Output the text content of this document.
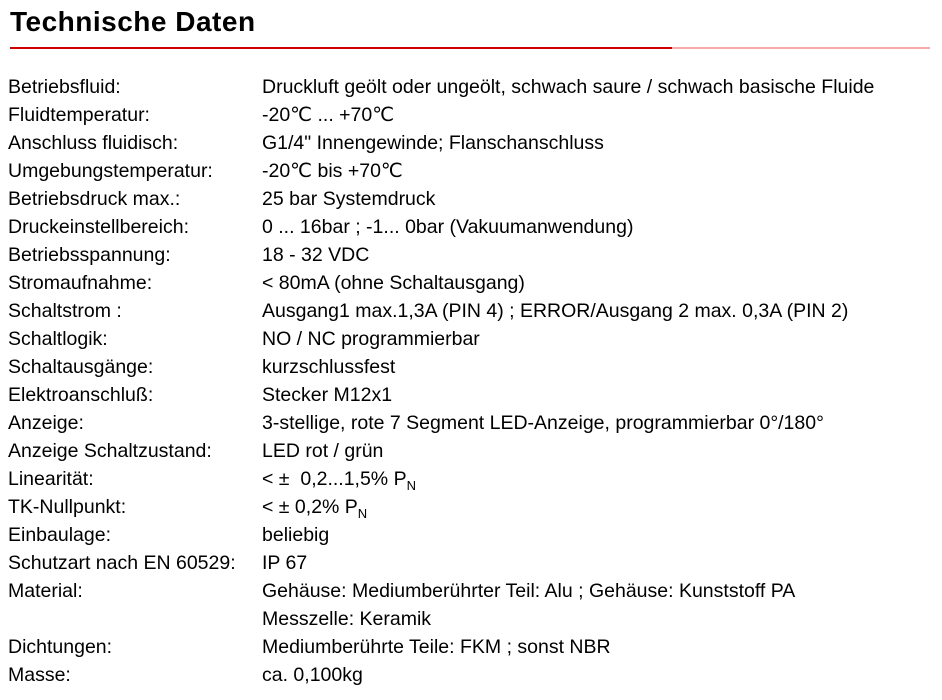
Technische Daten
Betriebsfluid:	Druckluft geölt oder ungeölt, schwach saure / schwach basische Fluide
Fluidtemperatur:	-20℃ ... +70℃
Anschluss fluidisch:	G1/4" Innengewinde; Flanschanschluss
Umgebungstemperatur:	-20℃ bis +70℃
Betriebsdruck max.:	25 bar Systemdruck
Druckeinstellbereich:	0 ... 16bar ; -1... 0bar (Vakuumanwendung)
Betriebsspannung:	18 - 32 VDC
Stromaufnahme:	< 80mA (ohne Schaltausgang)
Schaltstrom :	Ausgang1 max.1,3A (PIN 4) ; ERROR/Ausgang 2 max. 0,3A (PIN 2)
Schaltlogik:	NO / NC programmierbar
Schaltausgänge:	kurzschlussfest
Elektroanschluß:	Stecker M12x1
Anzeige:	3-stellige, rote 7 Segment LED-Anzeige, programmierbar 0°/180°
Anzeige Schaltzustand:	LED rot / grün
Linearität:	< ±  0,2...1,5% $P_N$
TK-Nullpunkt:	< ± 0,2% $P_N$
Einbaulage:	beliebig
Schutzart nach EN 60529:	IP 67
Material:	Gehäuse: Mediumberührter Teil: Alu ; Gehäuse: Kunststoff PA
Messzelle: Keramik
Dichtungen:	Mediumberührte Teile: FKM ; sonst NBR
Masse:	ca. 0,100kg
